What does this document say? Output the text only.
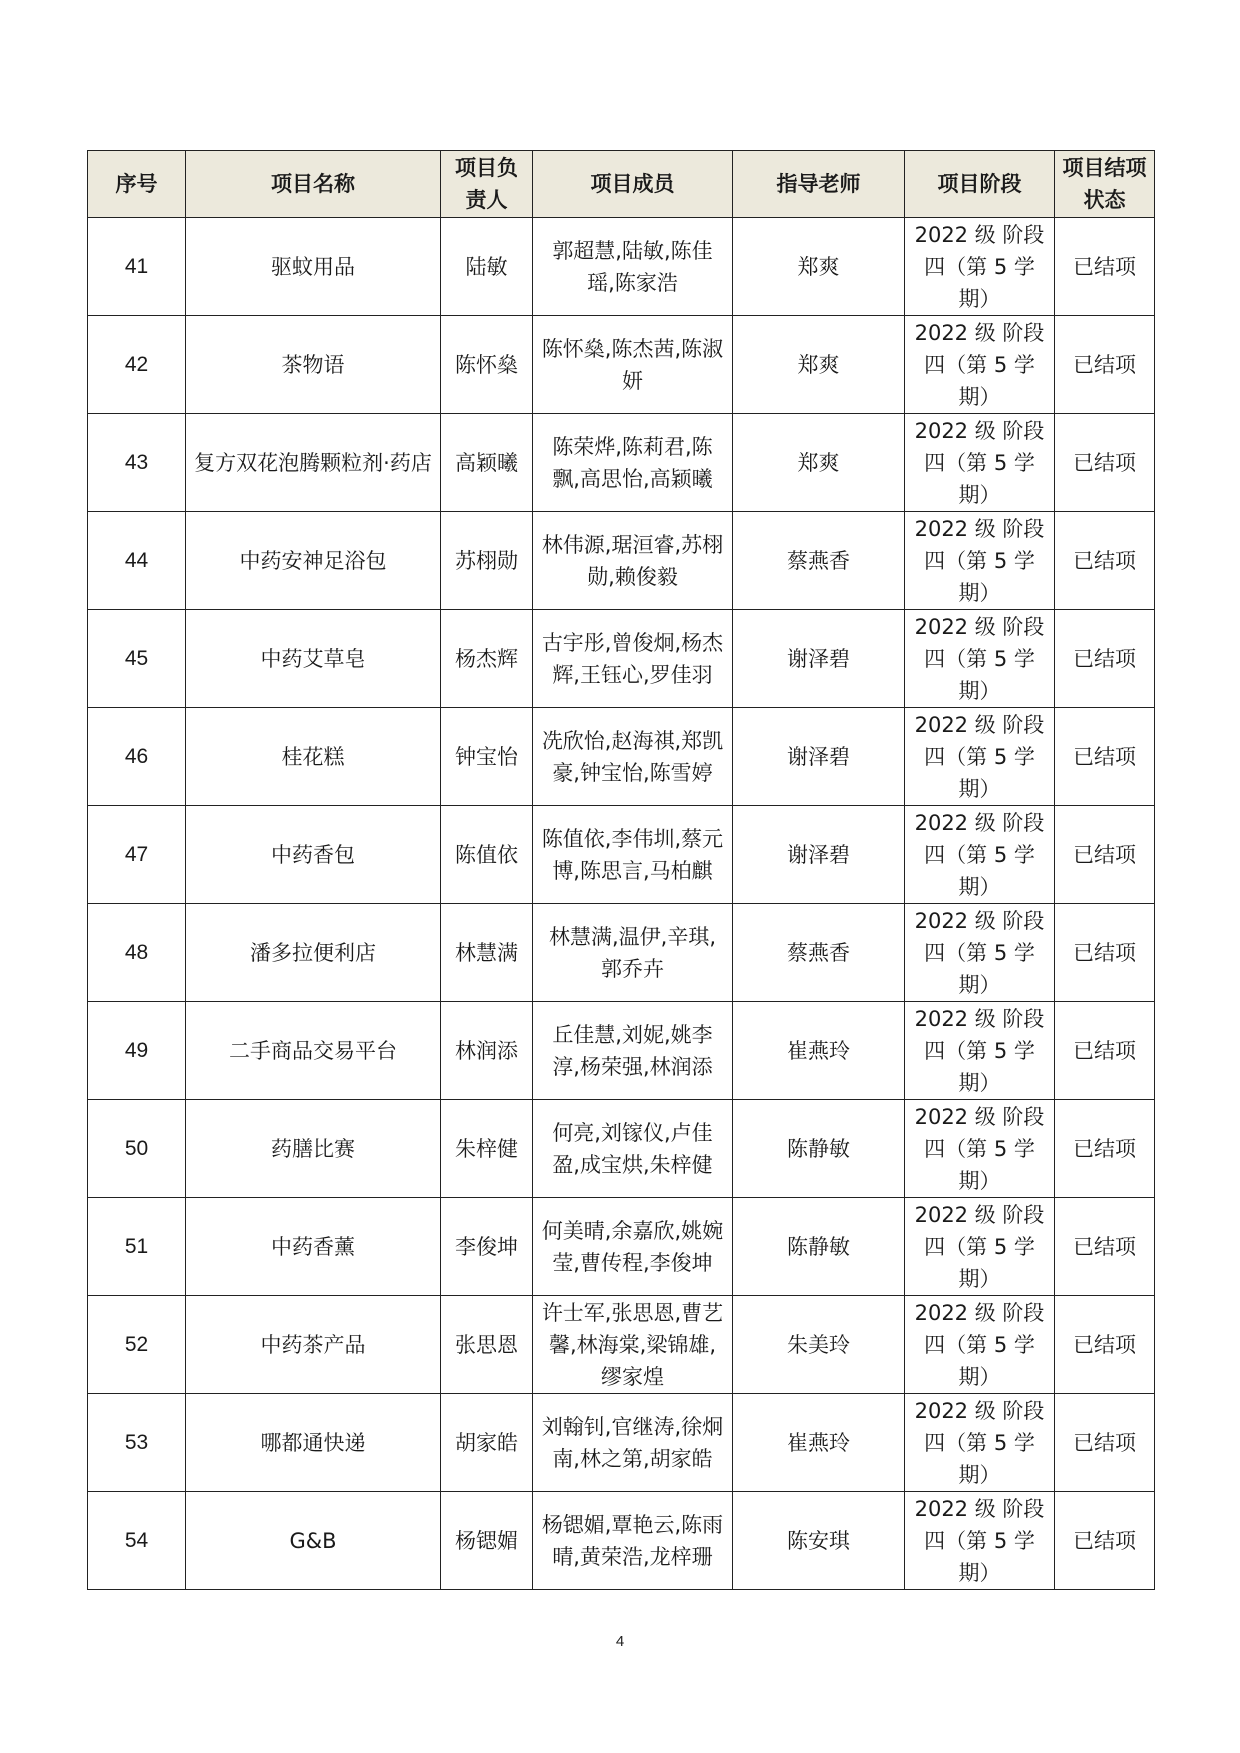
序号	项目名称	项目负责人	项目成员	指导老师	项目阶段	项目结项状态
41	驱蚊用品	陆敏	郭超慧,陆敏,陈佳瑶,陈家浩	郑爽	2022 级 阶段四（第 5 学期）	已结项
42	茶物语	陈怀燊	陈怀燊,陈杰茜,陈淑妍	郑爽	2022 级 阶段四（第 5 学期）	已结项
43	复方双花泡腾颗粒剂·药店	高颖曦	陈荣烨,陈莉君,陈飘,高思怡,高颖曦	郑爽	2022 级 阶段四（第 5 学期）	已结项
44	中药安神足浴包	苏栩勋	林伟源,琚洹睿,苏栩勋,赖俊毅	蔡燕香	2022 级 阶段四（第 5 学期）	已结项
45	中药艾草皂	杨杰辉	古宇彤,曾俊炯,杨杰辉,王钰心,罗佳羽	谢泽碧	2022 级 阶段四（第 5 学期）	已结项
46	桂花糕	钟宝怡	冼欣怡,赵海祺,郑凯豪,钟宝怡,陈雪婷	谢泽碧	2022 级 阶段四（第 5 学期）	已结项
47	中药香包	陈值依	陈值依,李伟圳,蔡元博,陈思言,马柏麒	谢泽碧	2022 级 阶段四（第 5 学期）	已结项
48	潘多拉便利店	林慧满	林慧满,温伊,辛琪,郭乔卉	蔡燕香	2022 级 阶段四（第 5 学期）	已结项
49	二手商品交易平台	林润添	丘佳慧,刘妮,姚李淳,杨荣强,林润添	崔燕玲	2022 级 阶段四（第 5 学期）	已结项
50	药膳比赛	朱梓健	何亮,刘镓仪,卢佳盈,成宝烘,朱梓健	陈静敏	2022 级 阶段四（第 5 学期）	已结项
51	中药香薰	李俊坤	何美晴,余嘉欣,姚婉莹,曹传程,李俊坤	陈静敏	2022 级 阶段四（第 5 学期）	已结项
52	中药茶产品	张思恩	许士军,张思恩,曹艺馨,林海棠,梁锦雄,缪家煌	朱美玲	2022 级 阶段四（第 5 学期）	已结项
53	哪都通快递	胡家皓	刘翰钊,官继涛,徐炯南,林之第,胡家皓	崔燕玲	2022 级 阶段四（第 5 学期）	已结项
54	G&B	杨锶媚	杨锶媚,覃艳云,陈雨晴,黄荣浩,龙梓珊	陈安琪	2022 级 阶段四（第 5 学期）	已结项
4
